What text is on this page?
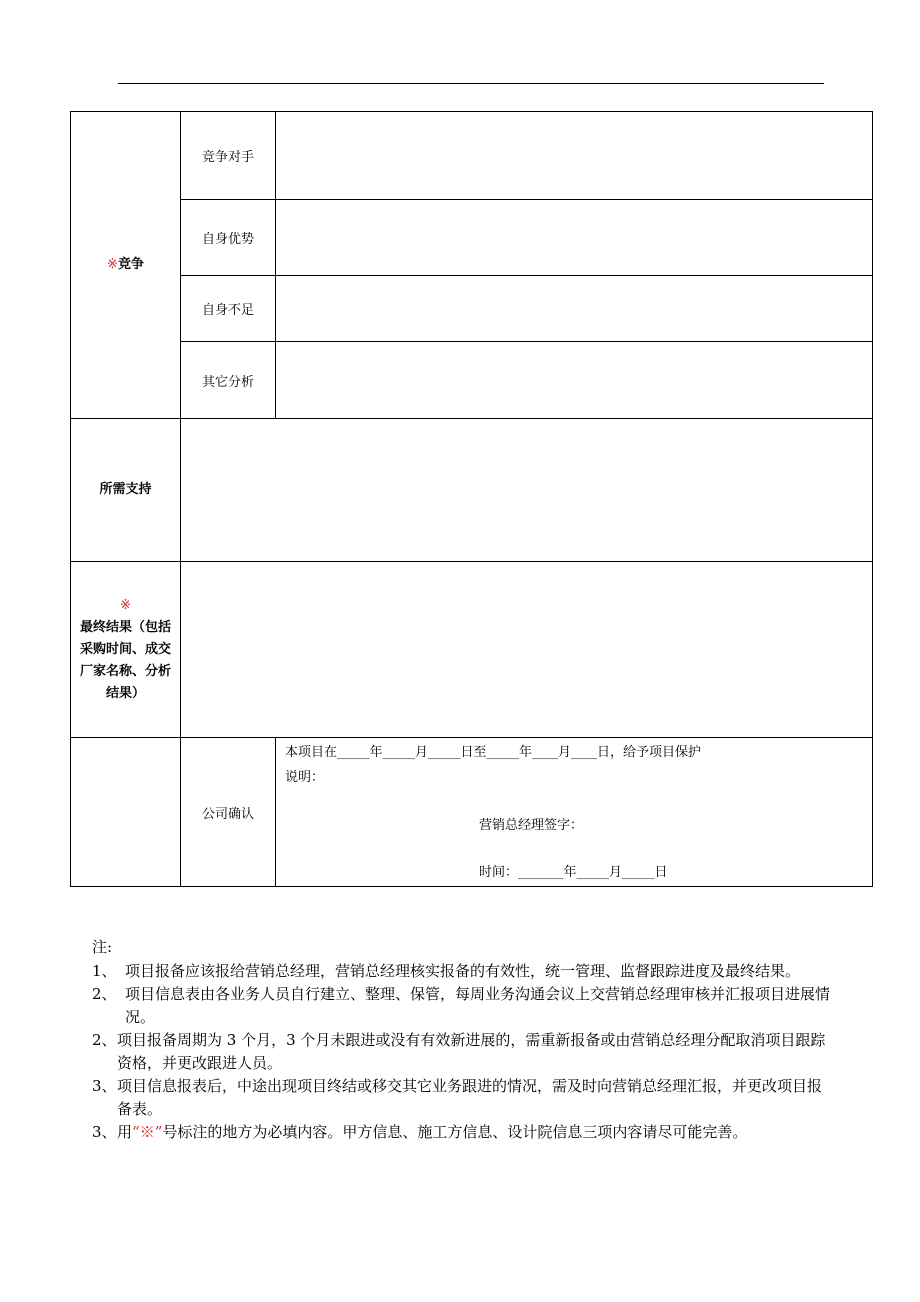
※竞争	竞争对手	
	自身优势	
	自身不足	
	其它分析	
所需支持		

※
最终结果（包括采购时间、成交厂家名称、分析结果）		

	公司确认	本项目在_____年_____月_____日至_____年____月____日，给予项目保护
说明：
营销总经理签字：
时间：_______年_____月_____日
注:
1、 项目报备应该报给营销总经理，营销总经理核实报备的有效性，统一管理、监督跟踪进度及最终结果。
2、 项目信息表由各业务人员自行建立、整理、保管，每周业务沟通会议上交营销总经理审核并汇报项目进展情况。
2、 项目报备周期为 3 个月，3 个月未跟进或没有有效新进展的，需重新报备或由营销总经理分配取消项目跟踪资格，并更改跟进人员。
3、 项目信息报表后，中途出现项目终结或移交其它业务跟进的情况，需及时向营销总经理汇报，并更改项目报备表。
3、 用“※”号标注的地方为必填内容。甲方信息、施工方信息、设计院信息三项内容请尽可能完善。
